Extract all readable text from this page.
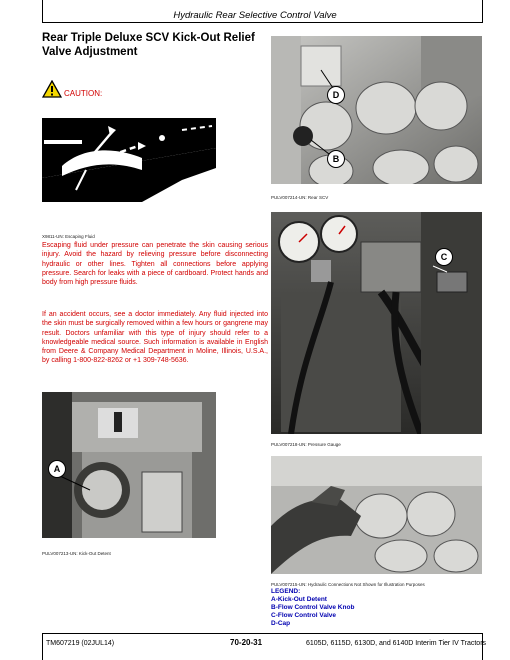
Hydraulic Rear Selective Control Valve
Rear Triple Deluxe SCV Kick-Out Relief Valve Adjustment
CAUTION:
X9811-UN: Escaping Fluid
Escaping fluid under pressure can penetrate the skin causing serious injury. Avoid the hazard by relieving pressure before disconnecting hydraulic or other lines. Tighten all connections before applying pressure. Search for leaks with a piece of cardboard. Protect hands and body from high pressure fluids.
If an accident occurs, see a doctor immediately. Any fluid injected into the skin must be surgically removed within a few hours or gangrene may result. Doctors unfamiliar with this type of injury should refer to a knowledgeable medical source. Such information is available in English from Deere & Company Medical Department in Moline, Illinois, U.S.A., by calling 1-800-822-8262 or +1 309-748-5636.
D
B
PULV007214-UN: Rear SCV
C
PULV007218-UN: Pressure Gauge
A
PULV007213-UN: Kick-Out Detent
PULV007215-UN: Hydraulic Connections Not Shown for Illustration Purposes
LEGEND:
A-Kick-Out Detent
B-Flow Control Valve Knob
C-Flow Control Valve
D-Cap
TM607219 (02JUL14)	70-20-31	6105D, 6115D, 6130D, and 6140D Interim Tier IV Tractors
